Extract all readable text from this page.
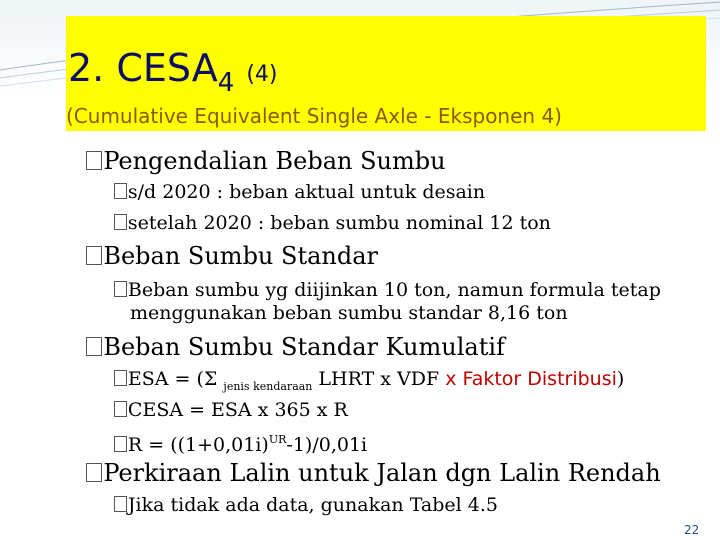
2. $CESA_4$ (4)

(Cumulative Equivalent Single Axle - Eksponen 4)

Pengendalian Beban Sumbu
s/d 2020 : beban aktual untuk desain
setelah 2020 : beban sumbu nominal 12 ton
Beban Sumbu Standar
Beban sumbu yg diijinkan 10 ton, namun formula tetap
menggunakan beban sumbu standar 8,16 ton
Beban Sumbu Standar Kumulatif
ESA = (Σ $_{jenis kendaraan}$ LHRT x VDF x Faktor Distribusi)
CESA = ESA x 365 x R
$R = ((1+0,01i)^{UR}-1)/0,01i$
Perkiraan Lalin untuk Jalan dgn Lalin Rendah
Jika tidak ada data, gunakan Tabel 4.5
22
